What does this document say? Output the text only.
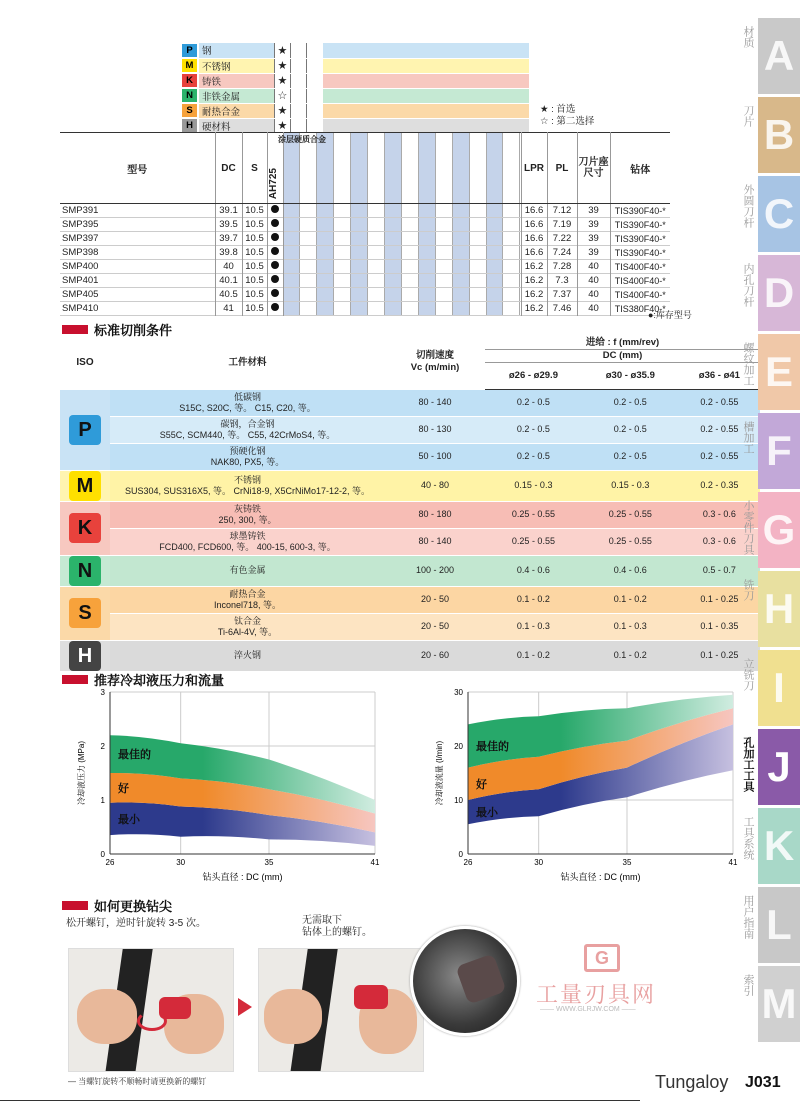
P	钢	★			
M	不锈钢	★			
K	铸铁	★			
N	非铁金属	☆			
S	耐热合金	★			
H	硬材料	★			
★ : 首选
☆ : 第二选择
涂层硬质合金
型号	DC	S	AH725		LPR	PL	刀片座
尺寸	钻体
SMP391	39.1	10.5			16.6	7.12	39	TIS390F40-*
SMP395	39.5	10.5			16.6	7.19	39	TIS390F40-*
SMP397	39.7	10.5			16.6	7.22	39	TIS390F40-*
SMP398	39.8	10.5			16.6	7.24	39	TIS390F40-*
SMP400	40	10.5			16.2	7.28	40	TIS400F40-*
SMP401	40.1	10.5			16.2	7.3	40	TIS400F40-*
SMP405	40.5	10.5			16.2	7.37	40	TIS400F40-*
SMP410	41	10.5			16.2	7.46	40	TIS380F40-*
●:库存型号
标准切削条件
ISO	工件材料	切削速度
Vc (m/min)	进给 : f (mm/rev)		
			DC (mm)		
			ø26 - ø29.9	ø30 - ø35.9	ø36 - ø41
P	低碳钢
S15C, S20C, 等。 C15, C20, 等。	80 - 140	0.2 - 0.5	0.2 - 0.5	0.2 - 0.55

	碳钢，合金钢
S55C, SCM440, 等。 C55, 42CrMoS4, 等。	80 - 130	0.2 - 0.5	0.2 - 0.5	0.2 - 0.55

	预硬化钢
NAK80, PX5, 等。	50 - 100	0.2 - 0.5	0.2 - 0.5	0.2 - 0.55
M	不锈钢
SUS304, SUS316X5, 等。 CrNi18-9, X5CrNiMo17-12-2, 等。	40 - 80	0.15 - 0.3	0.15 - 0.3	0.2 - 0.35
K	灰铸铁
250, 300, 等。	80 - 180	0.25 - 0.55	0.25 - 0.55	0.3 - 0.6

	球墨铸铁
FCD400, FCD600, 等。 400-15, 600-3, 等。	80 - 140	0.25 - 0.55	0.25 - 0.55	0.3 - 0.6
N	有色金属	100 - 200	0.4 - 0.6	0.4 - 0.6	0.5 - 0.7
S	耐热合金
Inconel718, 等。	20 - 50	0.1 - 0.2	0.1 - 0.2	0.1 - 0.25

	钛合金
Ti-6Al-4V, 等。	20 - 50	0.1 - 0.3	0.1 - 0.3	0.1 - 0.35
H	淬火钢	20 - 60	0.1 - 0.2	0.1 - 0.2	0.1 - 0.25
推荐冷却液压力和流量
0
1
2
3
26	30	35	41
钻头直径 : DC (mm)
冷却液压力 (MPa)	最佳的
好
最小
0
10
20
30
26	30	35	41
钻头直径 : DC (mm)
冷却液流量 (l/min)	最佳的
好
最小
如何更换钻尖
松开螺钉，逆时针旋转 3-5 次。	无需取下
钻体上的螺钉。
— 当螺钉旋转不顺畅时请更换新的螺钉
G
工量刃具网
—— WWW.GLRJW.COM ——
Tungaloy J031
A
材质
B
刀片
C
外圆刀杆
D
内孔刀杆
E
螺纹加工
F
槽加工
G
小零件刀具
H
铣刀
I
立铣刀
J
孔加工工具
K
工具系统
L
用户指南
M
索引
